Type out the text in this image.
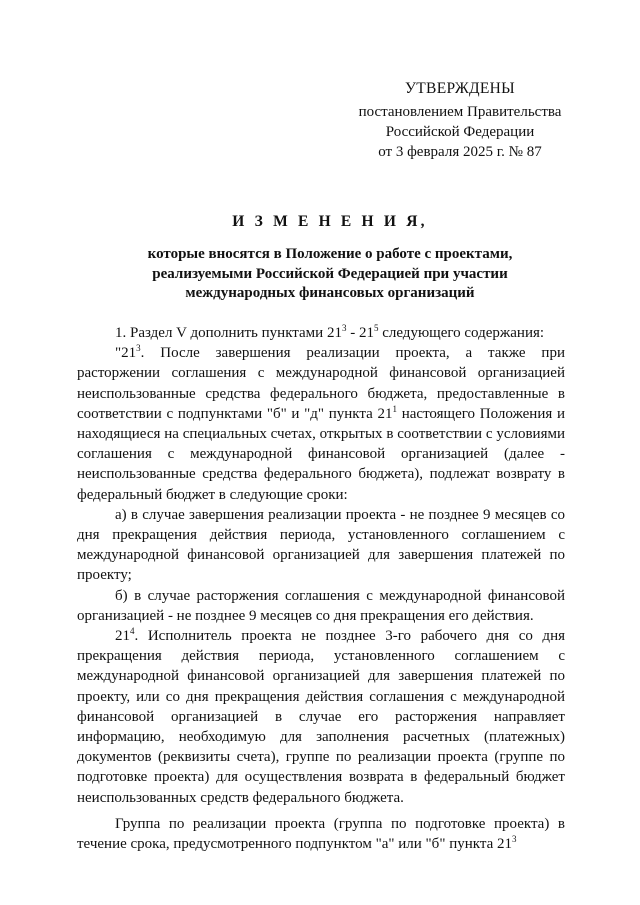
УТВЕРЖДЕНЫ
постановлением Правительства
Российской Федерации
от 3 февраля 2025 г. № 87
И З М Е Н Е Н И Я,
которые вносятся в Положение о работе с проектами,
реализуемыми Российской Федерацией при участии
международных финансовых организаций

1. Раздел V дополнить пунктами $21^3 - 21^5$ следующего содержания:

"$21^3$. После завершения реализации проекта, а также при расторжении соглашения с международной финансовой организацией неиспользованные средства федерального бюджета, предоставленные в соответствии с подпунктами "б" и "д" пункта $21^1$ настоящего Положения и находящиеся на специальных счетах, открытых в соответствии с условиями соглашения с международной финансовой организацией (далее - неиспользованные средства федерального бюджета), подлежат возврату в федеральный бюджет в следующие сроки:

а) в случае завершения реализации проекта - не позднее 9 месяцев со дня прекращения действия периода, установленного соглашением с международной финансовой организацией для завершения платежей по проекту;

б) в случае расторжения соглашения с международной финансовой организацией - не позднее 9 месяцев со дня прекращения его действия.

$21^4$. Исполнитель проекта не позднее 3-го рабочего дня со дня прекращения действия периода, установленного соглашением с международной финансовой организацией для завершения платежей по проекту, или со дня прекращения действия соглашения с международной финансовой организацией в случае его расторжения направляет информацию, необходимую для заполнения расчетных (платежных) документов (реквизиты счета), группе по реализации проекта (группе по подготовке проекта) для осуществления возврата в федеральный бюджет неиспользованных средств федерального бюджета.

Группа по реализации проекта (группа по подготовке проекта) в течение срока, предусмотренного подпунктом "а" или "б" пункта $21^3$
